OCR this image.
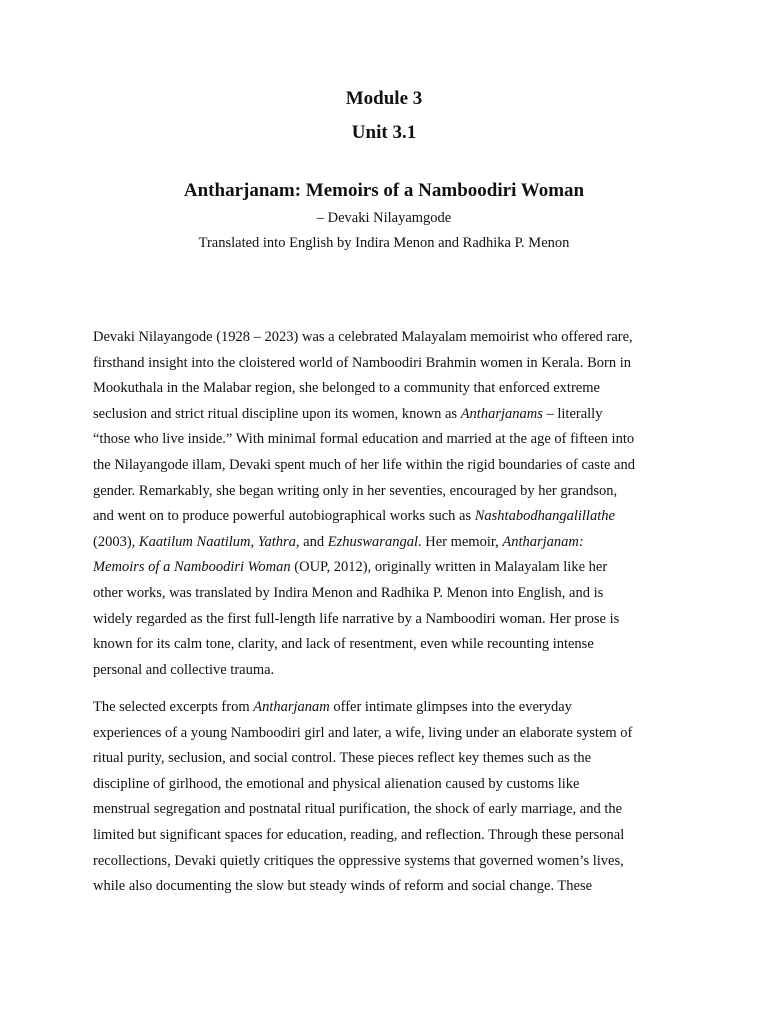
Module 3
Unit 3.1
Antharjanam: Memoirs of a Namboodiri Woman
– Devaki Nilayamgode
Translated into English by Indira Menon and Radhika P. Menon
Devaki Nilayangode (1928 – 2023) was a celebrated Malayalam memoirist who offered rare,
firsthand insight into the cloistered world of Namboodiri Brahmin women in Kerala. Born in
Mookuthala in the Malabar region, she belonged to a community that enforced extreme
seclusion and strict ritual discipline upon its women, known as Antharjanams – literally
“those who live inside.” With minimal formal education and married at the age of fifteen into
the Nilayangode illam, Devaki spent much of her life within the rigid boundaries of caste and
gender. Remarkably, she began writing only in her seventies, encouraged by her grandson,
and went on to produce powerful autobiographical works such as Nashtabodhangalillathe
(2003), Kaatilum Naatilum, Yathra, and Ezhuswarangal. Her memoir, Antharjanam:
Memoirs of a Namboodiri Woman (OUP, 2012), originally written in Malayalam like her
other works, was translated by Indira Menon and Radhika P. Menon into English, and is
widely regarded as the first full-length life narrative by a Namboodiri woman. Her prose is
known for its calm tone, clarity, and lack of resentment, even while recounting intense
personal and collective trauma.
The selected excerpts from Antharjanam offer intimate glimpses into the everyday
experiences of a young Namboodiri girl and later, a wife, living under an elaborate system of
ritual purity, seclusion, and social control. These pieces reflect key themes such as the
discipline of girlhood, the emotional and physical alienation caused by customs like
menstrual segregation and postnatal ritual purification, the shock of early marriage, and the
limited but significant spaces for education, reading, and reflection. Through these personal
recollections, Devaki quietly critiques the oppressive systems that governed women’s lives,
while also documenting the slow but steady winds of reform and social change. These
